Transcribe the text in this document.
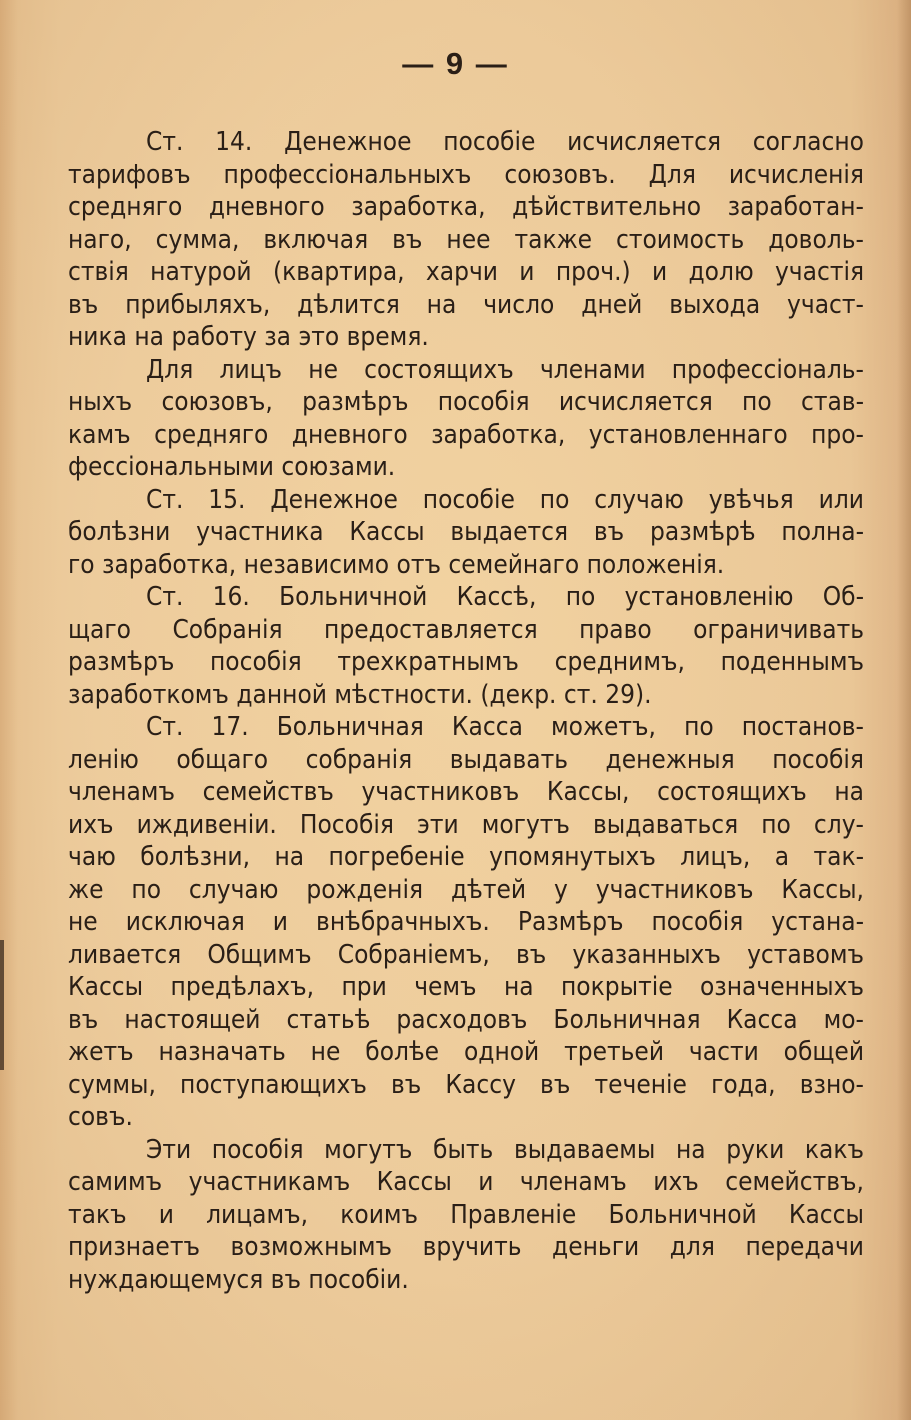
— 9 —

Ст. 14. Денежное пособіе исчисляется согласно
тарифовъ профессіональныхъ союзовъ. Для исчисленія
средняго дневного заработка, дѣйствительно заработан-
наго, сумма, включая въ нее также стоимость доволь-
ствія натурой (квартира, харчи и проч.) и долю участія
въ прибыляхъ, дѣлится на число дней выхода участ-
ника на работу за это время.

Для лицъ не состоящихъ членами профессіональ-
ныхъ союзовъ, размѣръ пособія исчисляется по став-
камъ средняго дневного заработка, установленнаго про-
фессіональными союзами.

Ст. 15. Денежное пособіе по случаю увѣчья или
болѣзни участника Кассы выдается въ размѣрѣ полна-
го заработка, независимо отъ семейнаго положенія.

Ст. 16. Больничной Кассѣ, по установленію Об-
щаго Собранія предоставляется право ограничивать
размѣръ пособія трехкратнымъ среднимъ, поденнымъ
заработкомъ данной мѣстности. (декр. ст. 29).

Ст. 17. Больничная Касса можетъ, по постанов-
ленію общаго собранія выдавать денежныя пособія
членамъ семействъ участниковъ Кассы, состоящихъ на
ихъ иждивеніи. Пособія эти могутъ выдаваться по слу-
чаю болѣзни, на погребеніе упомянутыхъ лицъ, а так-
же по случаю рожденія дѣтей у участниковъ Кассы,
не исключая и внѣбрачныхъ. Размѣръ пособія устана-
ливается Общимъ Собраніемъ, въ указанныхъ уставомъ
Кассы предѣлахъ, при чемъ на покрытіе означенныхъ
въ настоящей статьѣ расходовъ Больничная Касса мо-
жетъ назначать не болѣе одной третьей части общей
суммы, поступающихъ въ Кассу въ теченіе года, взно-
совъ.

Эти пособія могутъ быть выдаваемы на руки какъ
самимъ участникамъ Кассы и членамъ ихъ семействъ,
такъ и лицамъ, коимъ Правленіе Больничной Кассы
признаетъ возможнымъ вручить деньги для передачи
нуждающемуся въ пособіи.
